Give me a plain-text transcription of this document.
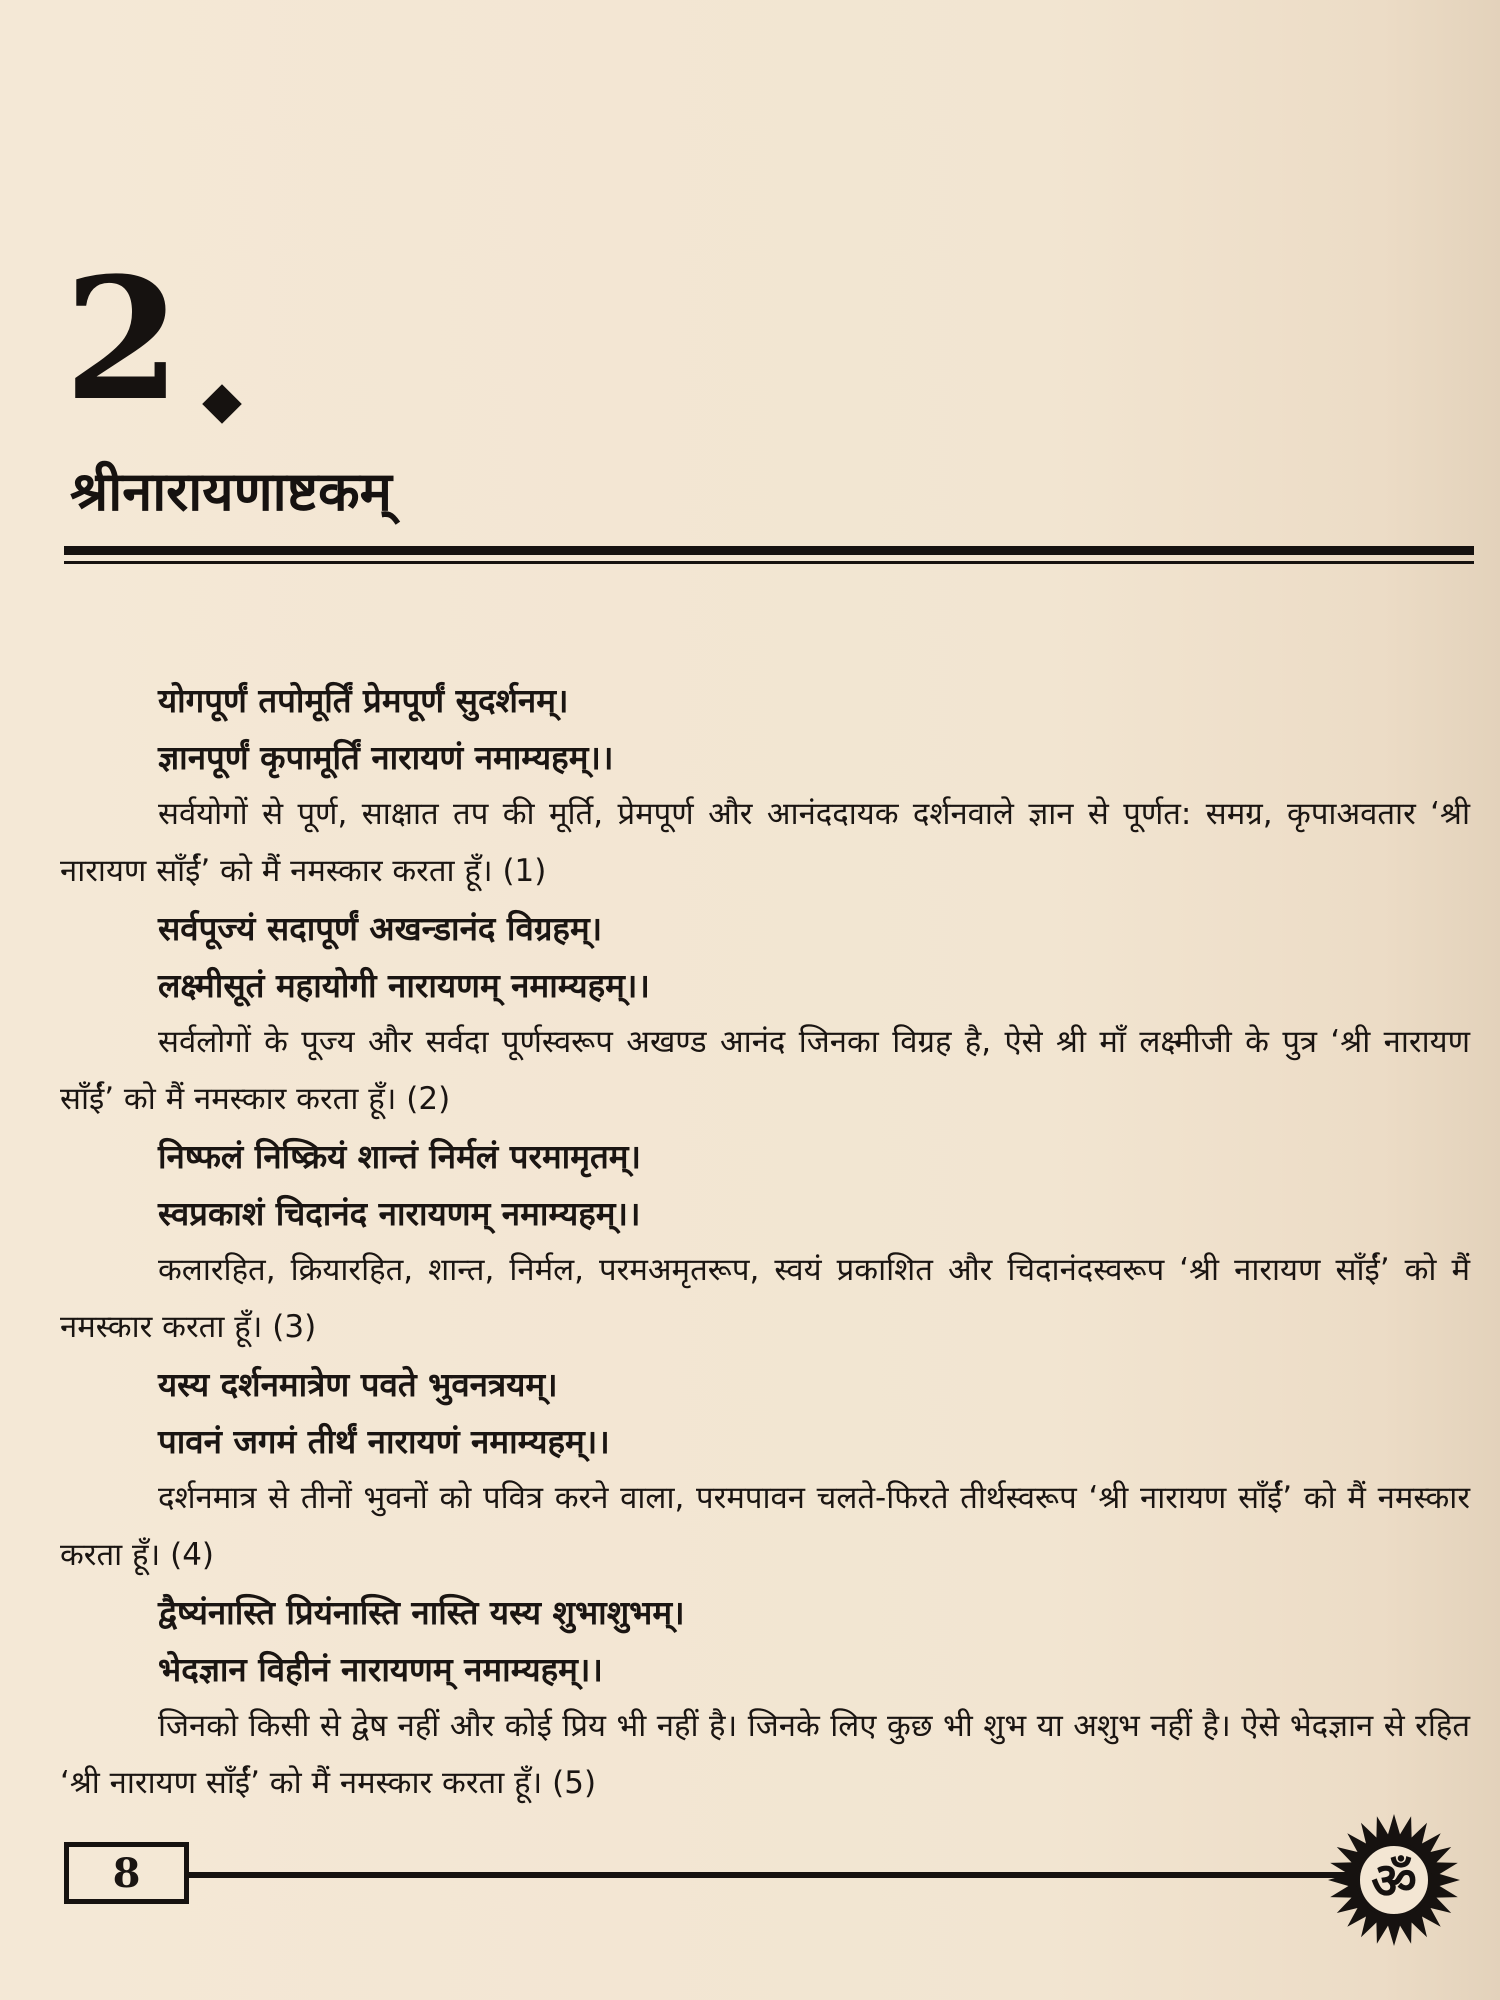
2
श्रीनारायणाष्टकम्
योगपूर्णं तपोमूर्तिं प्रेमपूर्णं सुदर्शनम्।
ज्ञानपूर्णं कृपामूर्तिं नारायणं नमाम्यहम्।।

सर्वयोगों से पूर्ण, साक्षात तप की मूर्ति, प्रेमपूर्ण और आनंददायक दर्शनवाले ज्ञान से पूर्णत: समग्र, कृपाअवतार ‘श्री नारायण साँईं’ को मैं नमस्कार करता हूँ। (1)

सर्वपूज्यं सदापूर्णं अखन्डानंद विग्रहम्।
लक्ष्मीसूतं महायोगी नारायणम् नमाम्यहम्।।

सर्वलोगों के पूज्य और सर्वदा पूर्णस्वरूप अखण्ड आनंद जिनका विग्रह है, ऐसे श्री माँ लक्ष्मीजी के पुत्र ‘श्री नारायण साँईं’ को मैं नमस्कार करता हूँ। (2)

निष्फलं निष्क्रियं शान्तं निर्मलं परमामृतम्।
स्वप्रकाशं चिदानंद नारायणम् नमाम्यहम्।।

कलारहित, क्रियारहित, शान्त, निर्मल, परमअमृतरूप, स्वयं प्रकाशित और चिदानंदस्वरूप ‘श्री नारायण साँईं’ को मैं नमस्कार करता हूँ। (3)

यस्य दर्शनमात्रेण पवते भुवनत्रयम्।
पावनं जगमं तीर्थं नारायणं नमाम्यहम्।।

दर्शनमात्र से तीनों भुवनों को पवित्र करने वाला, परमपावन चलते-फिरते तीर्थस्वरूप ‘श्री नारायण साँईं’ को मैं नमस्कार करता हूँ। (4)

द्वैष्यंनास्ति प्रियंनास्ति नास्ति यस्य शुभाशुभम्।
भेदज्ञान विहीनं नारायणम् नमाम्यहम्।।

जिनको किसी से द्वेष नहीं और कोई प्रिय भी नहीं है। जिनके लिए कुछ भी शुभ या अशुभ नहीं है। ऐसे भेदज्ञान से रहित ‘श्री नारायण साँईं’ को मैं नमस्कार करता हूँ। (5)

8	ॐ
